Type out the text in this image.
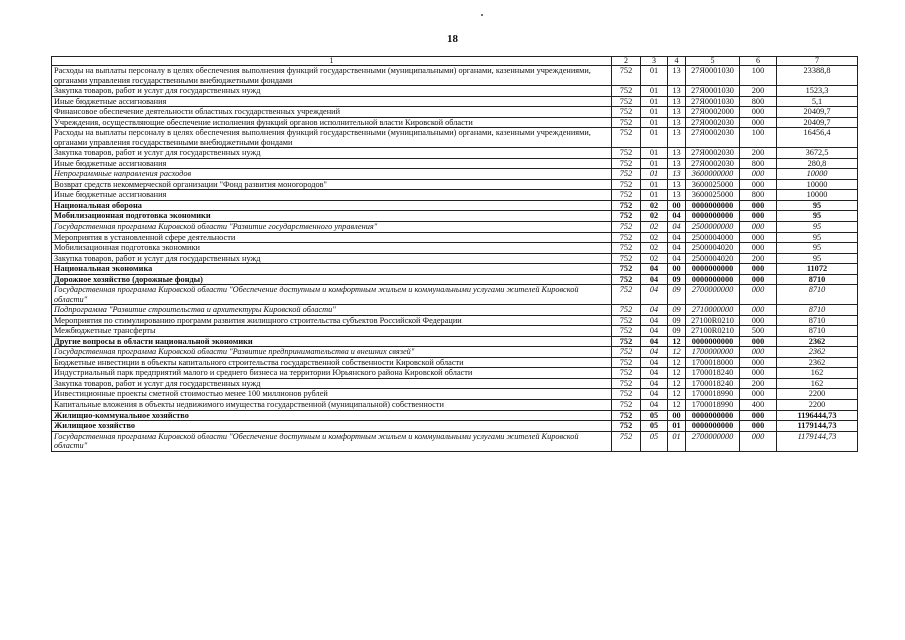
18
1	2	3	4	5	6	7
Расходы на выплаты персоналу в целях обеспечения выполнения функций государственными (муниципальными) органами, казенными учреждениями, органами управления государственными внебюджетными фондами	752	01	13	27Я0001030	100	23388,8
Закупка товаров, работ и услуг для государственных нужд	752	01	13	27Я0001030	200	1523,3
Иные бюджетные ассигнования	752	01	13	27Я0001030	800	5,1
Финансовое обеспечение деятельности областных государственных учреждений	752	01	13	27Я0002000	000	20409,7
Учреждения, осуществляющие обеспечение исполнения функций органов исполнительной власти Кировской области	752	01	13	27Я0002030	000	20409,7
Расходы на выплаты персоналу в целях обеспечения выполнения функций государственными (муниципальными) органами, казенными учреждениями, органами управления государственными внебюджетными фондами	752	01	13	27Я0002030	100	16456,4
Закупка товаров, работ и услуг для государственных нужд	752	01	13	27Я0002030	200	3672,5
Иные бюджетные ассигнования	752	01	13	27Я0002030	800	280,8
Непрограммные направления расходов	752	01	13	3600000000	000	10000
Возврат средств некоммерческой организации "Фонд развития моногородов"	752	01	13	3600025000	000	10000
Иные бюджетные ассигнования	752	01	13	3600025000	800	10000
Национальная оборона	752	02	00	0000000000	000	95
Мобилизационная подготовка экономики	752	02	04	0000000000	000	95
Государственная программа Кировской области "Развитие государственного управления"	752	02	04	2500000000	000	95
Мероприятия в установленной сфере деятельности	752	02	04	2500004000	000	95
Мобилизационная подготовка экономики	752	02	04	2500004020	000	95
Закупка товаров, работ и услуг для государственных нужд	752	02	04	2500004020	200	95
Национальная экономика	752	04	00	0000000000	000	11072
Дорожное хозяйство (дорожные фонды)	752	04	09	0000000000	000	8710
Государственная программа Кировской области "Обеспечение доступным и комфортным жильем и коммунальными услугами жителей Кировской области"	752	04	09	2700000000	000	8710
Подпрограмма "Развитие строительства и архитектуры Кировской области"	752	04	09	2710000000	000	8710
Мероприятия по стимулированию программ развития жилищного строительства субъектов Российской Федерации	752	04	09	27100R0210	000	8710
Межбюджетные трансферты	752	04	09	27100R0210	500	8710
Другие вопросы в области национальной экономики	752	04	12	0000000000	000	2362
Государственная программа Кировской области "Развитие предпринимательства и внешних связей"	752	04	12	1700000000	000	2362
Бюджетные инвестиции в объекты капитального строительства государственной собственности Кировской области	752	04	12	1700018000	000	2362
Индустриальный парк предприятий малого и среднего бизнеса на территории Юрьянского района Кировской области	752	04	12	1700018240	000	162
Закупка товаров, работ и услуг для государственных нужд	752	04	12	1700018240	200	162
Инвестиционные проекты сметной стоимостью менее 100 миллионов рублей	752	04	12	1700018990	000	2200
Капитальные вложения в объекты недвижимого имущества государственной (муниципальной) собственности	752	04	12	1700018990	400	2200
Жилищно-коммунальное хозяйство	752	05	00	0000000000	000	1196444,73
Жилищное хозяйство	752	05	01	0000000000	000	1179144,73
Государственная программа Кировской области "Обеспечение доступным и комфортным жильем и коммунальными услугами жителей Кировской области"	752	05	01	2700000000	000	1179144,73
